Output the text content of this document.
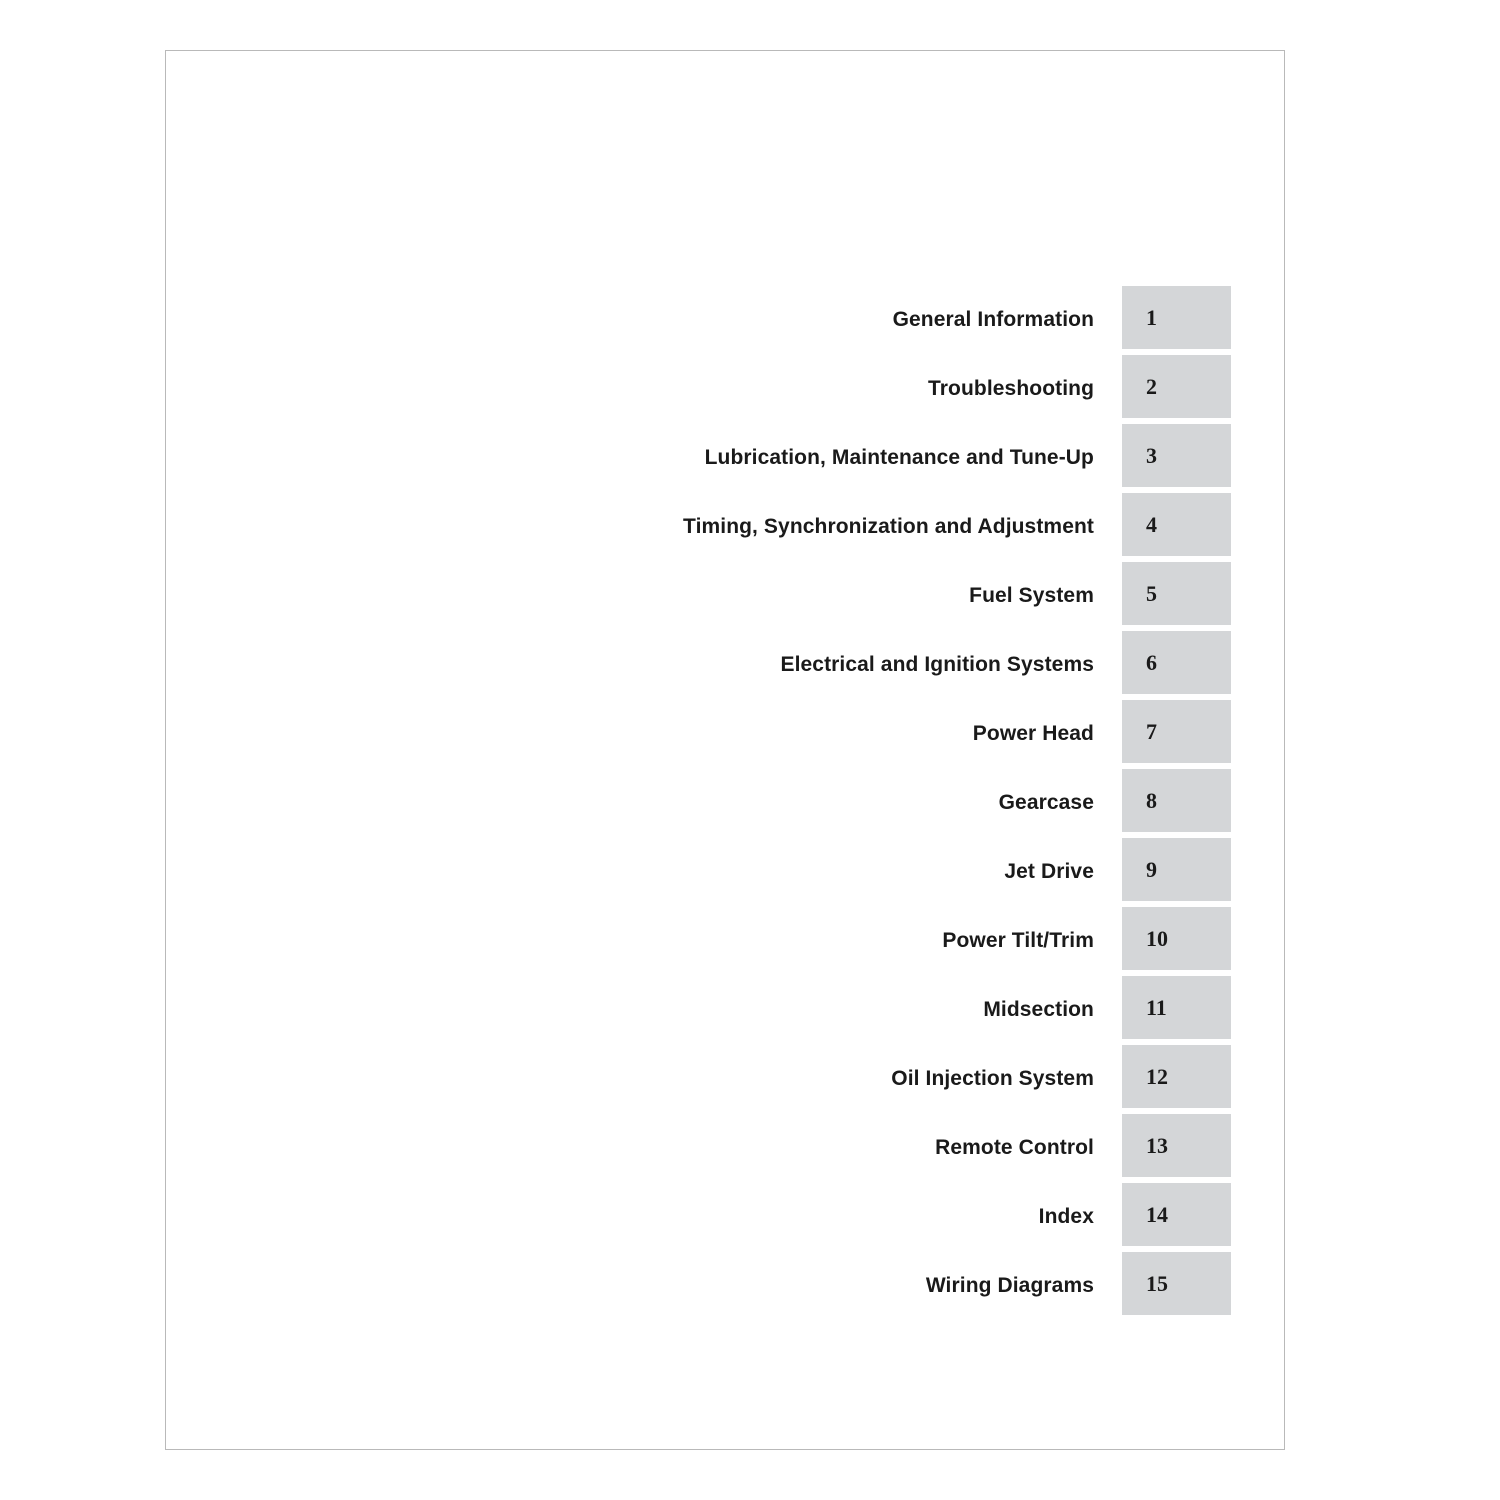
General Information 1
Troubleshooting 2
Lubrication, Maintenance and Tune-Up 3
Timing, Synchronization and Adjustment 4
Fuel System 5
Electrical and Ignition Systems 6
Power Head 7
Gearcase 8
Jet Drive 9
Power Tilt/Trim 10
Midsection 11
Oil Injection System 12
Remote Control 13
Index 14
Wiring Diagrams 15
